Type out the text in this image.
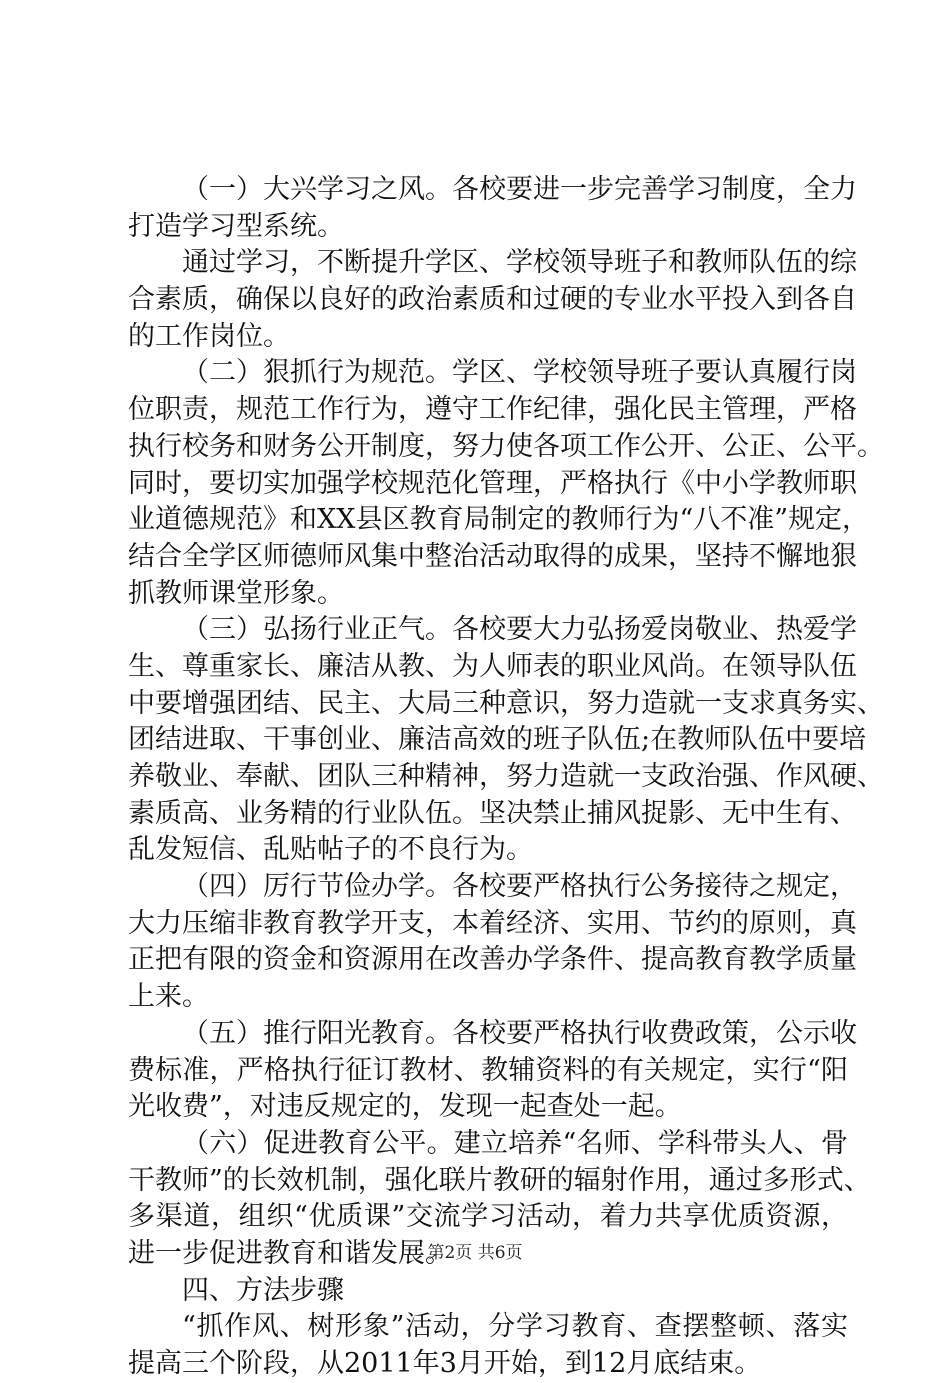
（一）大兴学习之风。各校要进一步完善学习制度，全力
打造学习型系统。
通过学习，不断提升学区、学校领导班子和教师队伍的综
合素质，确保以良好的政治素质和过硬的专业水平投入到各自
的工作岗位。
（二）狠抓行为规范。学区、学校领导班子要认真履行岗
位职责，规范工作行为，遵守工作纪律，强化民主管理，严格
执行校务和财务公开制度，努力使各项工作公开、公正、公平。
同时，要切实加强学校规范化管理，严格执行《中小学教师职
业道德规范》和XX县区教育局制定的教师行为“八不准”规定，
结合全学区师德师风集中整治活动取得的成果，坚持不懈地狠
抓教师课堂形象。
（三）弘扬行业正气。各校要大力弘扬爱岗敬业、热爱学
生、尊重家长、廉洁从教、为人师表的职业风尚。在领导队伍
中要增强团结、民主、大局三种意识，努力造就一支求真务实、
团结进取、干事创业、廉洁高效的班子队伍;在教师队伍中要培
养敬业、奉献、团队三种精神，努力造就一支政治强、作风硬、
素质高、业务精的行业队伍。坚决禁止捕风捉影、无中生有、
乱发短信、乱贴帖子的不良行为。
（四）厉行节俭办学。各校要严格执行公务接待之规定，
大力压缩非教育教学开支，本着经济、实用、节约的原则，真
正把有限的资金和资源用在改善办学条件、提高教育教学质量
上来。
（五）推行阳光教育。各校要严格执行收费政策，公示收
费标准，严格执行征订教材、教辅资料的有关规定，实行“阳
光收费”，对违反规定的，发现一起查处一起。
（六）促进教育公平。建立培养“名师、学科带头人、骨
干教师”的长效机制，强化联片教研的辐射作用，通过多形式、
多渠道，组织“优质课”交流学习活动，着力共享优质资源，
进一步促进教育和谐发展。
四、方法步骤
“抓作风、树形象”活动，分学习教育、查摆整顿、落实
提高三个阶段，从2011年3月开始，到12月底结束。
第2页 共6页
